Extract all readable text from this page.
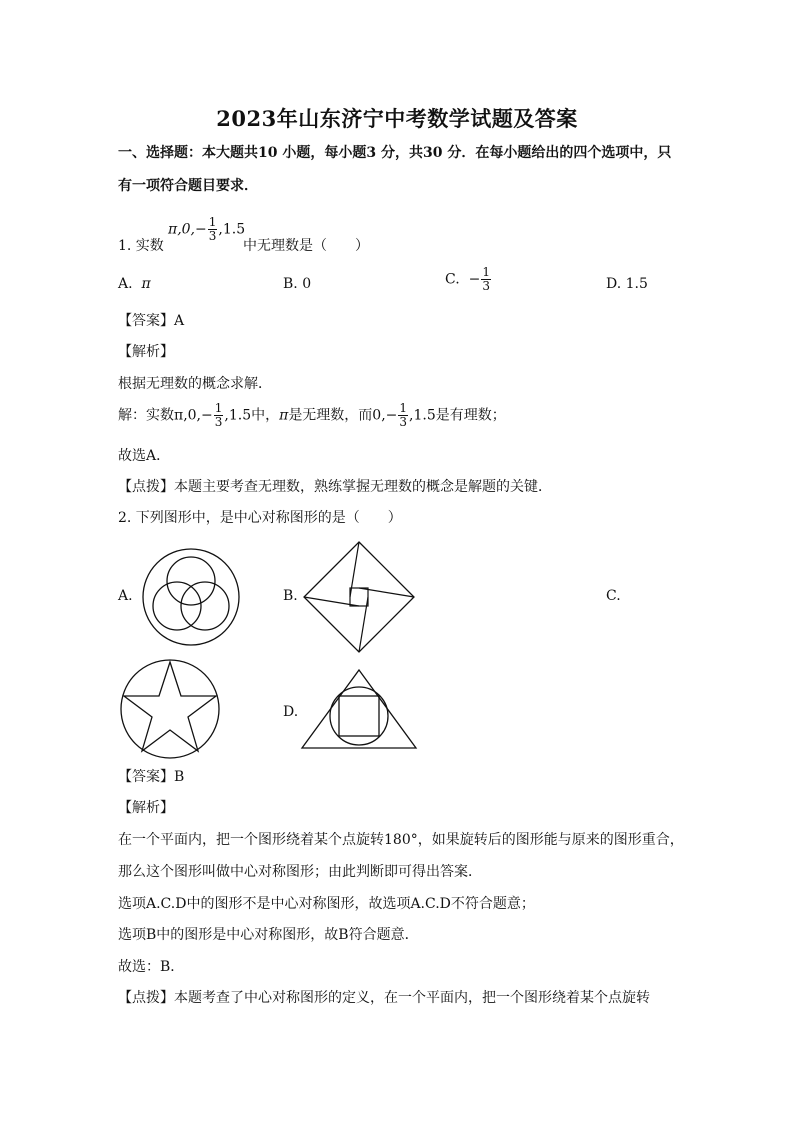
2023年山东济宁中考数学试题及答案
一、选择题：本大题共10 小题，每小题3 分，共30 分．在每小题给出的四个选项中，只
有一项符合题目要求．
1. 实数
$\pi,0,- \frac{1}{3} ,1.5$
中无理数是（　　）
A. π	B. 0	C.  − $\frac{1}{3}$	D. 1.5
【答案】A
【解析】
根据无理数的概念求解．
解：实数$\pi,0,- \frac{1}{3} ,1.5$中，π是无理数，而$0,- \frac{1}{3} ,1.5$是有理数；
故选A．
【点拨】本题主要考查无理数，熟练掌握无理数的概念是解题的关键．
2. 下列图形中，是中心对称图形的是（　　）
A.	B.	C.
D.
【答案】B
【解析】
在一个平面内，把一个图形绕着某个点旋转180°，如果旋转后的图形能与原来的图形重合，
那么这个图形叫做中心对称图形；由此判断即可得出答案．
选项A.C.D中的图形不是中心对称图形，故选项A.C.D不符合题意；
选项B中的图形是中心对称图形，故B符合题意．
故选：B．
【点拨】本题考查了中心对称图形的定义，在一个平面内，把一个图形绕着某个点旋转
